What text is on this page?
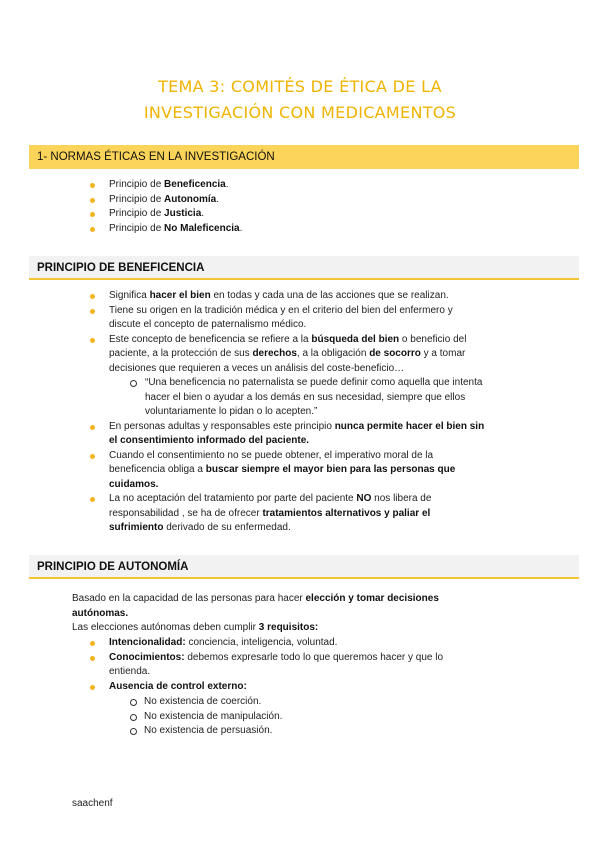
TEMA 3: COMITÉS DE ÉTICA DE LA
INVESTIGACIÓN CON MEDICAMENTOS
1- NORMAS ÉTICAS EN LA INVESTIGACIÓN
Principio de Beneficencia.
Principio de Autonomía.
Principio de Justicia.
Principio de No Maleficencia.
PRINCIPIO DE BENEFICENCIA
Significa hacer el bien en todas y cada una de las acciones que se realizan.
Tiene su origen en la tradición médica y en el criterio del bien del enfermero y
discute el concepto de paternalismo médico.
Este concepto de beneficencia se refiere a la búsqueda del bien o beneficio del
paciente, a la protección de sus derechos, a la obligación de socorro y a tomar
decisiones que requieren a veces un análisis del coste-beneficio…
“Una beneficencia no paternalista se puede definir como aquella que intenta
hacer el bien o ayudar a los demás en sus necesidad, siempre que ellos
voluntariamente lo pidan o lo acepten.”
En personas adultas y responsables este principio nunca permite hacer el bien sin
el consentimiento informado del paciente.
Cuando el consentimiento no se puede obtener, el imperativo moral de la
beneficencia obliga a buscar siempre el mayor bien para las personas que
cuidamos.
La no aceptación del tratamiento por parte del paciente NO nos libera de
responsabilidad , se ha de ofrecer tratamientos alternativos y paliar el
sufrimiento derivado de su enfermedad.
PRINCIPIO DE AUTONOMÍA
Basado en la capacidad de las personas para hacer elección y tomar decisiones
autónomas.
Las elecciones autónomas deben cumplir 3 requisitos:
Intencionalidad: conciencia, inteligencia, voluntad.
Conocimientos: debemos expresarle todo lo que queremos hacer y que lo
entienda.
Ausencia de control externo:
No existencia de coerción.
No existencia de manipulación.
No existencia de persuasión.
saachenf
